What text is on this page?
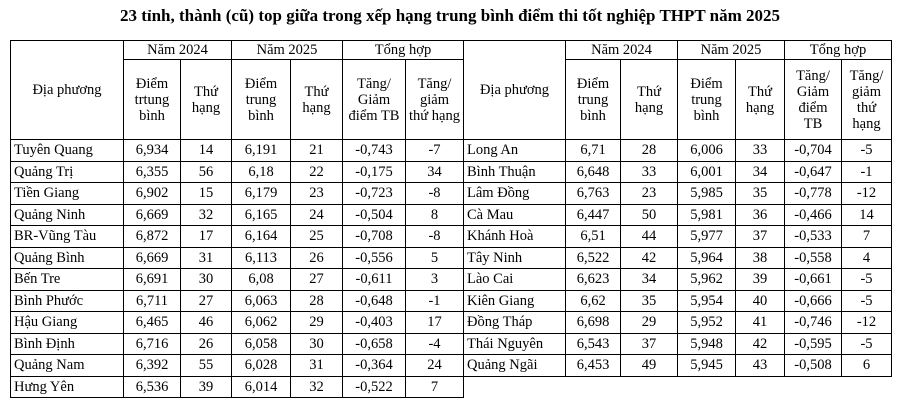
23 tỉnh, thành (cũ) top giữa trong xếp hạng trung bình điểm thi tốt nghiệp THPT năm 2025
Địa phương	Năm 2024		Năm 2025		Tổng hợp	
	Điểm trtung bình	Thứ hạng	Điểm trung bình	Thứ hạng	Tăng/ Giảm điểm TB	Tăng/ giảm thứ hạng
Tuyên Quang	6,934	14	6,191	21	-0,743	-7
Quảng Trị	6,355	56	6,18	22	-0,175	34
Tiền Giang	6,902	15	6,179	23	-0,723	-8
Quảng Ninh	6,669	32	6,165	24	-0,504	8
BR-Vũng Tàu	6,872	17	6,164	25	-0,708	-8
Quảng Bình	6,669	31	6,113	26	-0,556	5
Bến Tre	6,691	30	6,08	27	-0,611	3
Bình Phước	6,711	27	6,063	28	-0,648	-1
Hậu Giang	6,465	46	6,062	29	-0,403	17
Bình Định	6,716	26	6,058	30	-0,658	-4
Quảng Nam	6,392	55	6,028	31	-0,364	24
Hưng Yên	6,536	39	6,014	32	-0,522	7
Địa phương	Năm 2024		Năm 2025		Tổng hợp	
	Điểm trung bình	Thứ hạng	Điểm trung bình	Thứ hạng	Tăng/ Giảm điểm TB	Tăng/ giảm thứ hạng
Long An	6,71	28	6,006	33	-0,704	-5
Bình Thuận	6,648	33	6,001	34	-0,647	-1
Lâm Đồng	6,763	23	5,985	35	-0,778	-12
Cà Mau	6,447	50	5,981	36	-0,466	14
Khánh Hoà	6,51	44	5,977	37	-0,533	7
Tây Ninh	6,522	42	5,964	38	-0,558	4
Lào Cai	6,623	34	5,962	39	-0,661	-5
Kiên Giang	6,62	35	5,954	40	-0,666	-5
Đồng Tháp	6,698	29	5,952	41	-0,746	-12
Thái Nguyên	6,543	37	5,948	42	-0,595	-5
Quảng Ngãi	6,453	49	5,945	43	-0,508	6
